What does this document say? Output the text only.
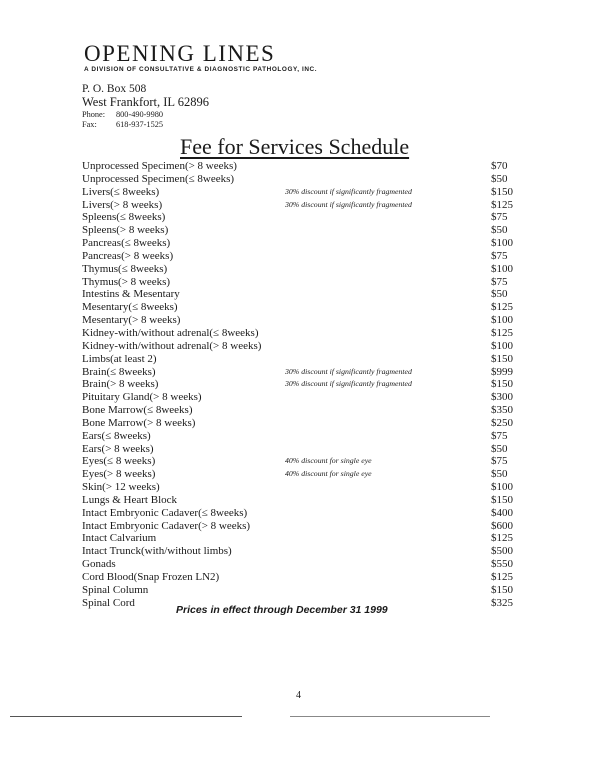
OPENING LINES
A DIVISION OF CONSULTATIVE & DIAGNOSTIC PATHOLOGY, INC.
P. O. Box 508
West Frankfort, IL 62896
Phone: 800-490-9980
Fax: 618-937-1525
Fee for Services Schedule
Unprocessed Specimen(> 8 weeks)	$70
Unprocessed Specimen(≤ 8weeks)	$50
Livers(≤ 8weeks)	30% discount if significantly fragmented	$150
Livers(> 8 weeks)	30% discount if significantly fragmented	$125
Spleens(≤ 8weeks)	$75
Spleens(> 8 weeks)	$50
Pancreas(≤ 8weeks)	$100
Pancreas(> 8 weeks)	$75
Thymus(≤ 8weeks)	$100
Thymus(> 8 weeks)	$75
Intestins & Mesentary	$50
Mesentary(≤ 8weeks)	$125
Mesentary(> 8 weeks)	$100
Kidney-with/without adrenal(≤ 8weeks)	$125
Kidney-with/without adrenal(> 8 weeks)	$100
Limbs(at least 2)	$150
Brain(≤ 8weeks)	30% discount if significantly fragmented	$999
Brain(> 8 weeks)	30% discount if significantly fragmented	$150
Pituitary Gland(> 8 weeks)	$300
Bone Marrow(≤ 8weeks)	$350
Bone Marrow(> 8 weeks)	$250
Ears(≤ 8weeks)	$75
Ears(> 8 weeks)	$50
Eyes(≤ 8 weeks)	40% discount for single eye	$75
Eyes(> 8 weeks)	40% discount for single eye	$50
Skin(> 12 weeks)	$100
Lungs & Heart Block	$150
Intact Embryonic Cadaver(≤ 8weeks)	$400
Intact Embryonic Cadaver(> 8 weeks)	$600
Intact Calvarium	$125
Intact Trunck(with/without limbs)	$500
Gonads	$550
Cord Blood(Snap Frozen LN2)	$125
Spinal Column	$150
Spinal Cord	$325
Prices in effect through December 31 1999
4
